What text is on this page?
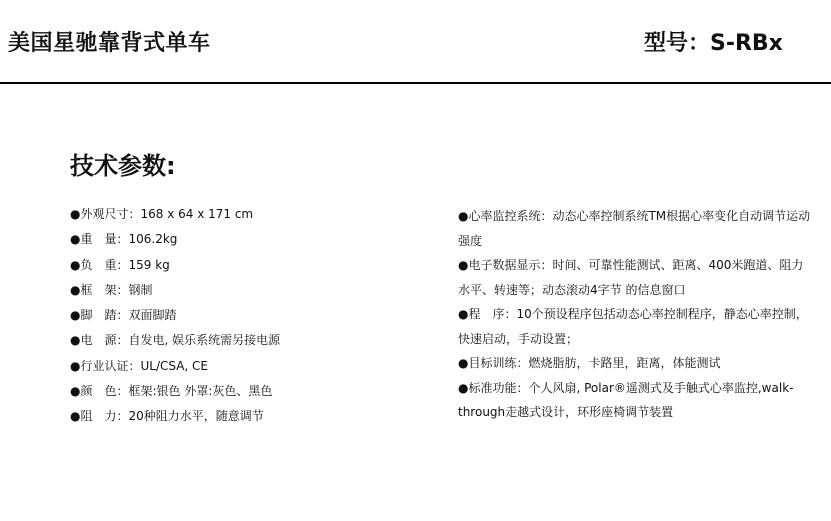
美国星驰靠背式单车	型号：S-RBx
技术参数:
●外观尺寸：168 x 64 x 171 cm
●重　量：106.2kg
●负　重：159 kg
●框　架：钢制
●脚　踏：双面脚踏
●电　源：自发电, 娱乐系统需另接电源
●行业认证：UL/CSA, CE
●颜　色：框架:银色 外罩:灰色、黑色
●阻　力：20种阻力水平，随意调节
●心率监控系统：动态心率控制系统TM根据心率变化自动调节运动强度
●电子数据显示：时间、可靠性能测试、距离、400米跑道、阻力水平、转速等；动态滚动4字节 的信息窗口
●程　序：10个预设程序包括动态心率控制程序，静态心率控制，快速启动，手动设置；
●目标训练：燃烧脂肪，卡路里，距离，体能测试
●标准功能：个人风扇, Polar®遥测式及手触式心率监控,walk-through走越式设计，环形座椅调节装置
